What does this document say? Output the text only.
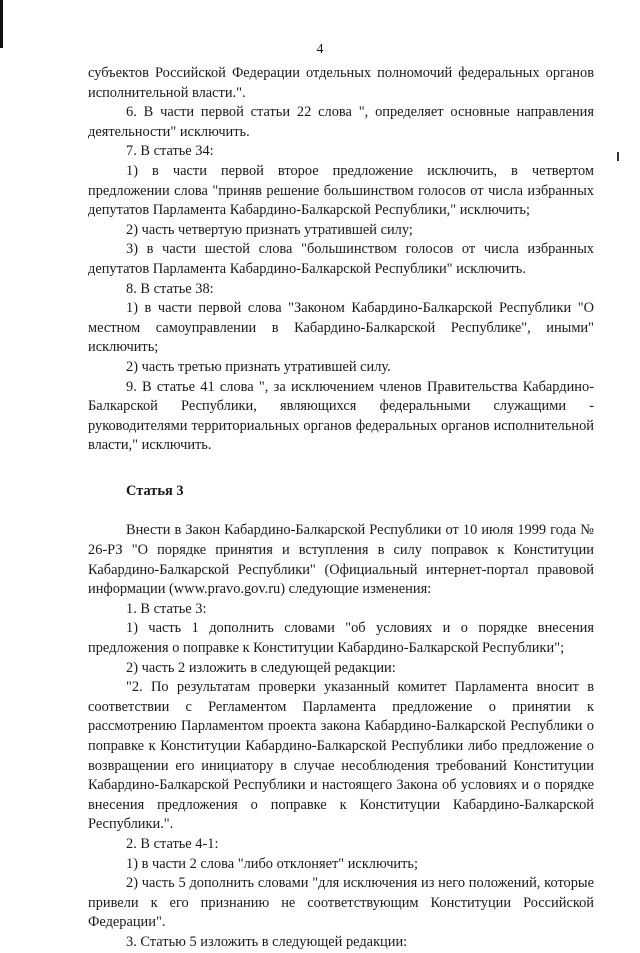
4

субъектов Российской Федерации отдельных полномочий федеральных органов исполнительной власти.".

6. В части первой статьи 22 слова ", определяет основные направления деятельности" исключить.

7. В статье 34:

1) в части первой второе предложение исключить, в четвертом предложении слова "приняв решение большинством голосов от числа избранных депутатов Парламента Кабардино-Балкарской Республики," исключить;

2) часть четвертую признать утратившей силу;

3) в части шестой слова "большинством голосов от числа избранных депутатов Парламента Кабардино-Балкарской Республики" исключить.

8. В статье 38:

1) в части первой слова "Законом Кабардино-Балкарской Республики "О местном самоуправлении в Кабардино-Балкарской Республике", иными" исключить;

2) часть третью признать утратившей силу.

9. В статье 41 слова ", за исключением членов Правительства Кабардино-Балкарской Республики, являющихся федеральными служащими - руководителями территориальных органов федеральных органов исполнительной власти," исключить.

Статья 3

Внести в Закон Кабардино-Балкарской Республики от 10 июля 1999 года № 26-РЗ "О порядке принятия и вступления в силу поправок к Конституции Кабардино-Балкарской Республики" (Официальный интернет-портал правовой информации (www.pravo.gov.ru) следующие изменения:

1. В статье 3:

1) часть 1 дополнить словами "об условиях и о порядке внесения предложения о поправке к Конституции Кабардино-Балкарской Республики";

2) часть 2 изложить в следующей редакции:

"2. По результатам проверки указанный комитет Парламента вносит в соответствии с Регламентом Парламента предложение о принятии к рассмотрению Парламентом проекта закона Кабардино-Балкарской Республики о поправке к Конституции Кабардино-Балкарской Республики либо предложение о возвращении его инициатору в случае несоблюдения требований Конституции Кабардино-Балкарской Республики и настоящего Закона об условиях и о порядке внесения предложения о поправке к Конституции Кабардино-Балкарской Республики.".

2. В статье 4-1:

1) в части 2 слова "либо отклоняет" исключить;

2) часть 5 дополнить словами "для исключения из него положений, которые привели к его признанию не соответствующим Конституции Российской Федерации".

3. Статью 5 изложить в следующей редакции:
